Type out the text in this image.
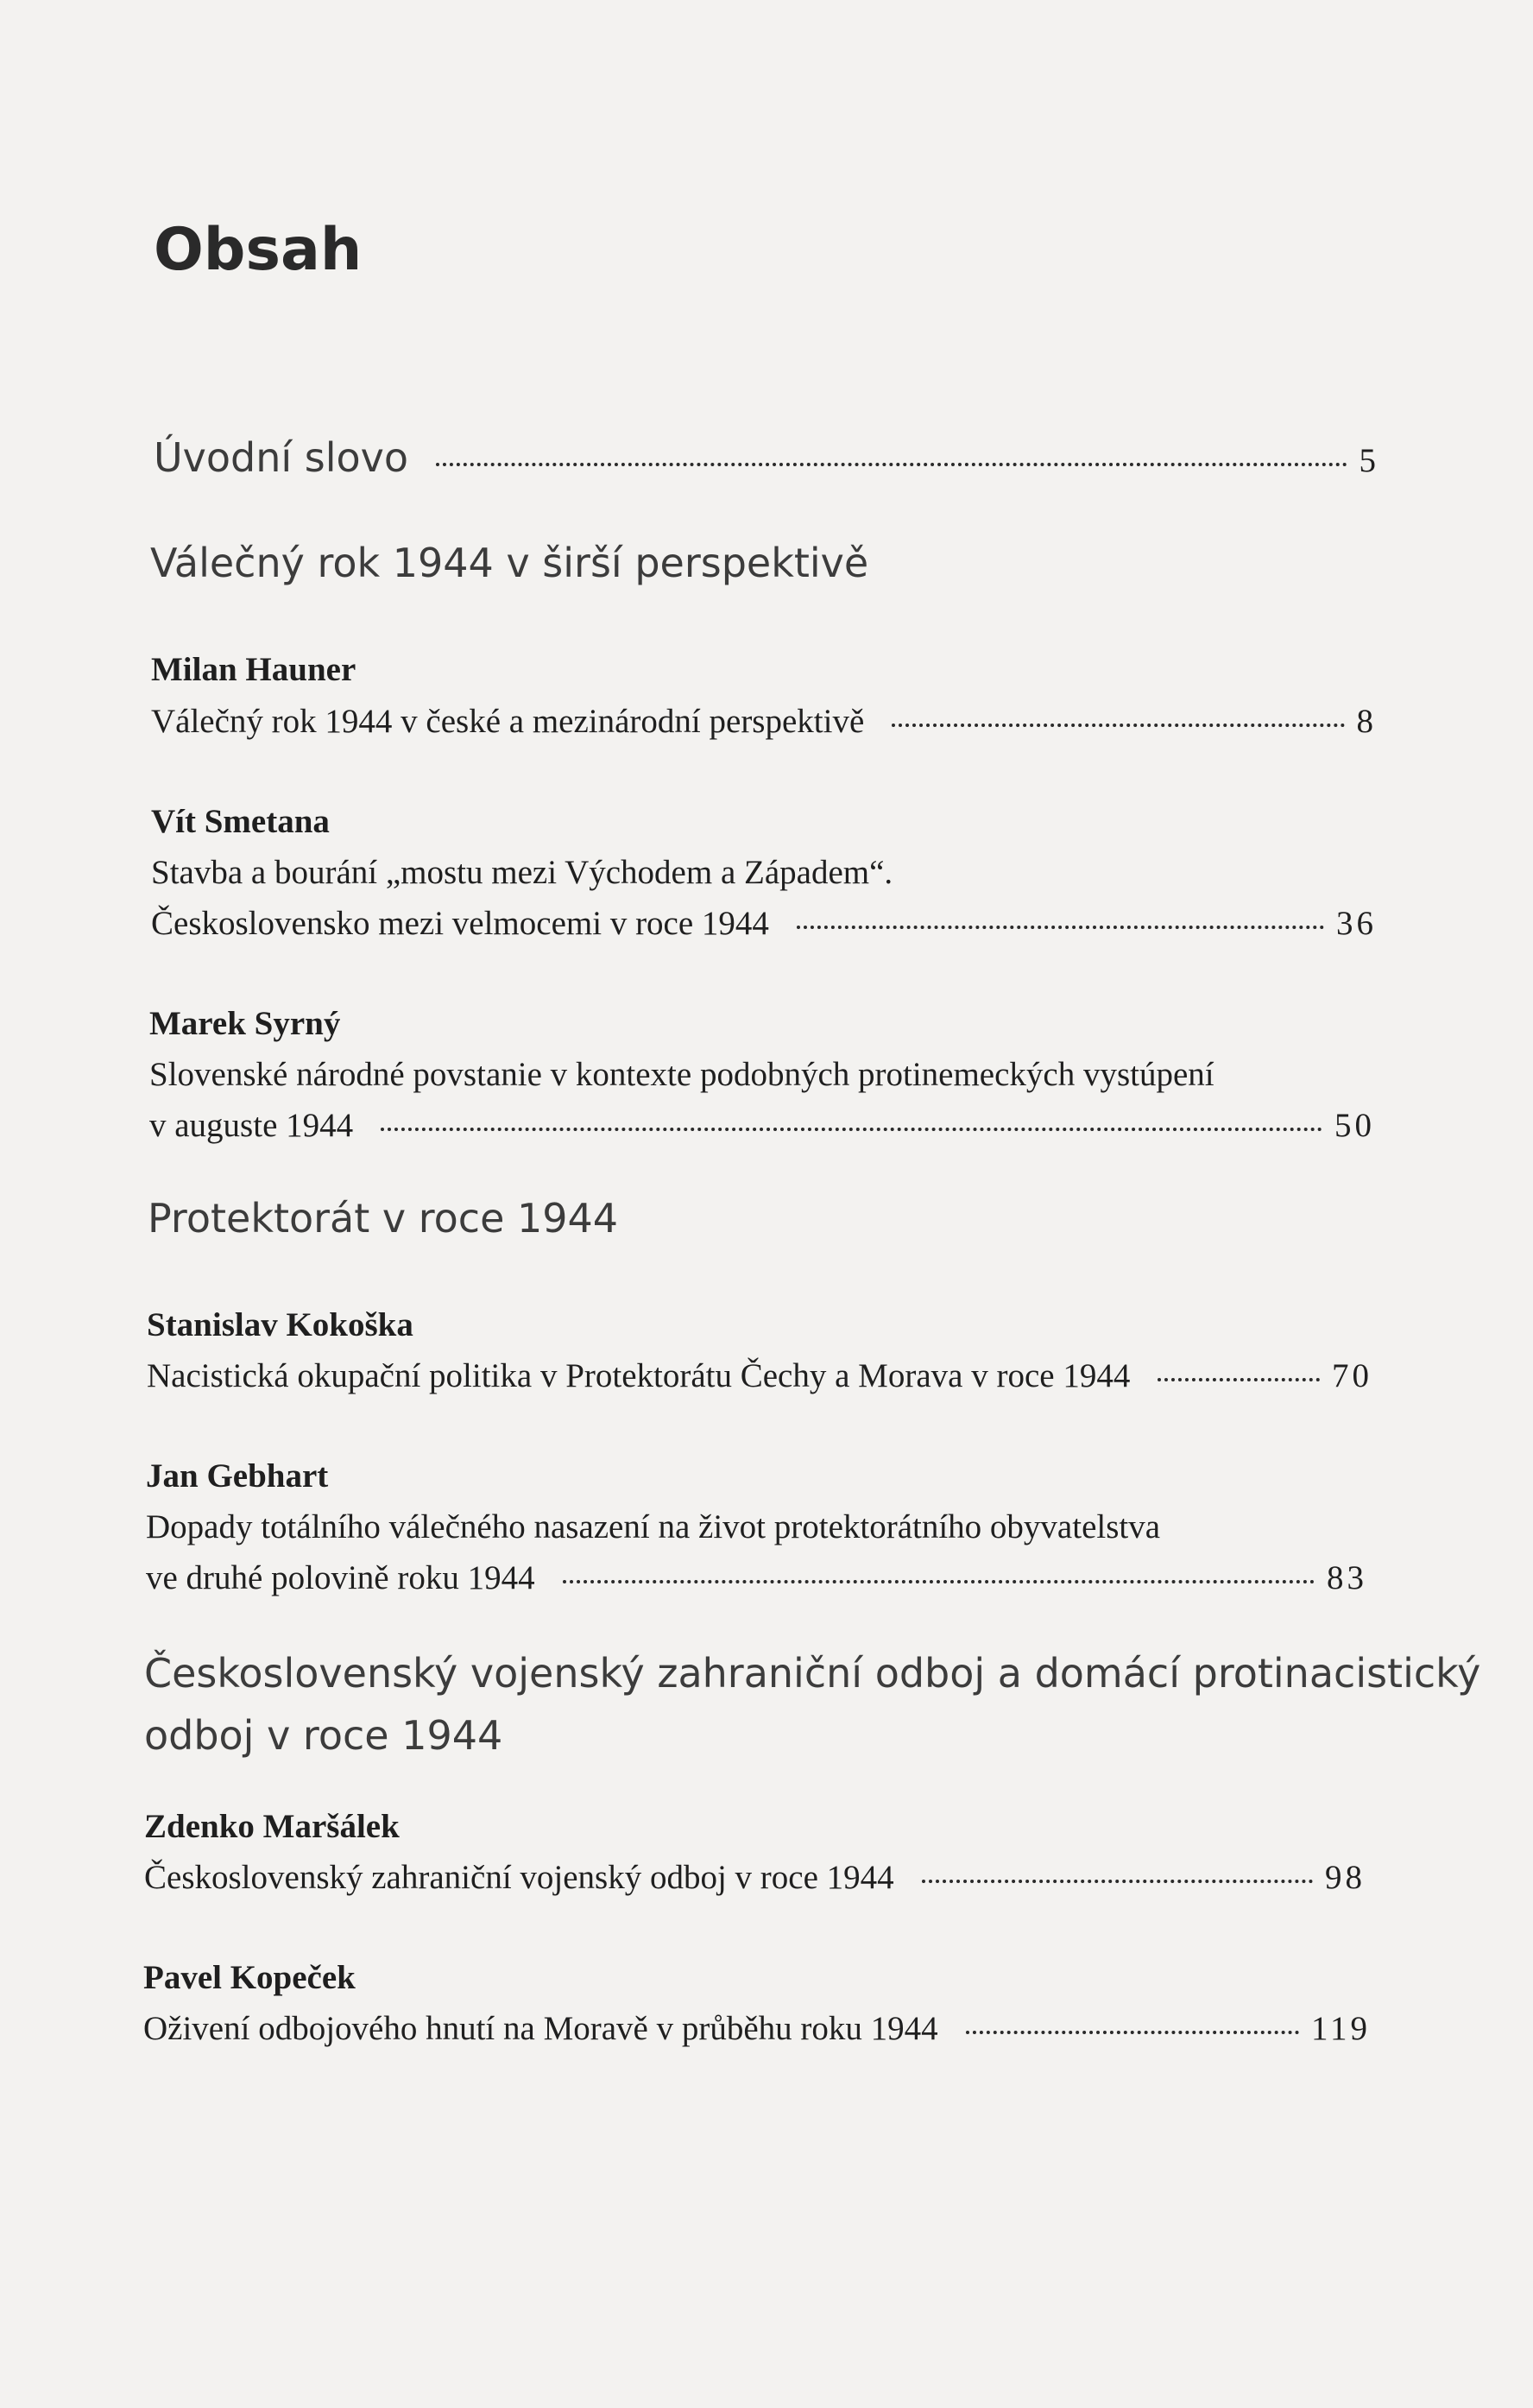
Obsah
Úvodní slovo	5
Válečný rok 1944 v širší perspektivě
Milan Hauner
Válečný rok 1944 v české a mezinárodní perspektivě	8
Vít Smetana
Stavba a bourání „mostu mezi Východem a Západem“.
Československo mezi velmocemi v roce 1944	36
Marek Syrný
Slovenské národné povstanie v kontexte podobných protinemeckých vystúpení
v auguste 1944	50
Protektorát v roce 1944
Stanislav Kokoška
Nacistická okupační politika v Protektorátu Čechy a Morava v roce 1944	70
Jan Gebhart
Dopady totálního válečného nasazení na život protektorátního obyvatelstva
ve druhé polovině roku 1944	83
Československý vojenský zahraniční odboj a domácí protinacistický
odboj v roce 1944
Zdenko Maršálek
Československý zahraniční vojenský odboj v roce 1944	98
Pavel Kopeček
Oživení odbojového hnutí na Moravě v průběhu roku 1944	119
